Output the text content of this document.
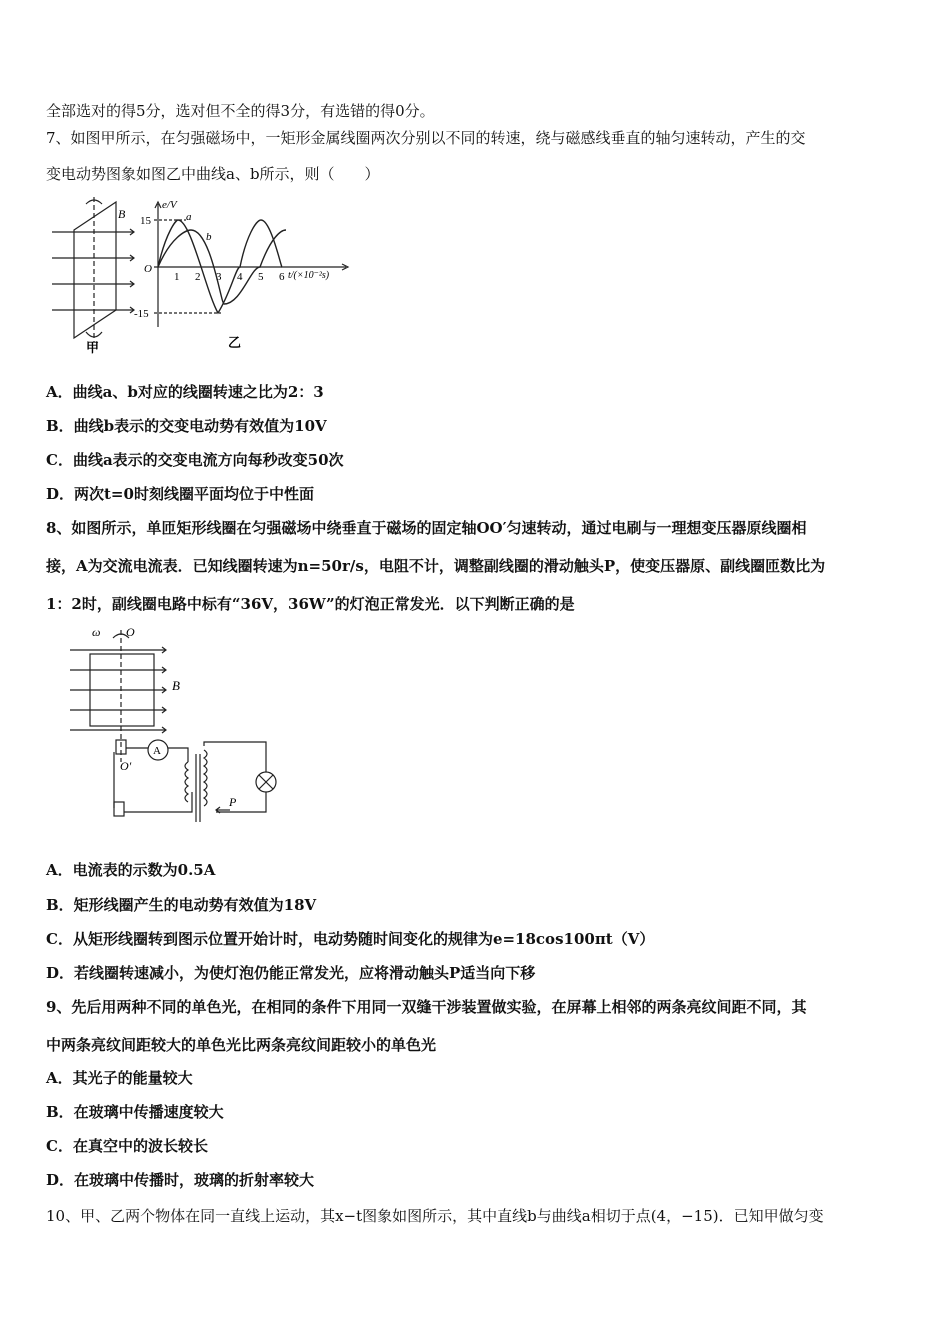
全部选对的得5分，选对但不全的得3分，有选错的得0分。
7、如图甲所示，在匀强磁场中，一矩形金属线圈两次分别以不同的转速，绕与磁感线垂直的轴匀速转动，产生的交
变电动势图象如图乙中曲线a、b所示，则（　　）
B
甲
e/V
15
-15
O
a
b
1 2 3 4 5 6 t/(×10⁻²s)
乙
A．曲线a、b对应的线圈转速之比为2：3
B．曲线b表示的交变电动势有效值为10V
C．曲线a表示的交变电流方向每秒改变50次
D．两次t=0时刻线圈平面均位于中性面
8、如图所示，单匝矩形线圈在匀强磁场中绕垂直于磁场的固定轴OO′匀速转动，通过电刷与一理想变压器原线圈相
接，A为交流电流表．已知线圈转速为n=50r/s，电阻不计，调整副线圈的滑动触头P，使变压器原、副线圈匝数比为
1：2时，副线圈电路中标有“36V，36W”的灯泡正常发光．以下判断正确的是
ω O
B
O′
A
P
A．电流表的示数为0.5A
B．矩形线圈产生的电动势有效值为18V
C．从矩形线圈转到图示位置开始计时，电动势随时间变化的规律为e=18cos100πt（V）
D．若线圈转速减小，为使灯泡仍能正常发光，应将滑动触头P适当向下移
9、先后用两种不同的单色光，在相同的条件下用同一双缝干涉装置做实验，在屏幕上相邻的两条亮纹间距不同，其
中两条亮纹间距较大的单色光比两条亮纹间距较小的单色光
A．其光子的能量较大
B．在玻璃中传播速度较大
C．在真空中的波长较长
D．在玻璃中传播时，玻璃的折射率较大
10、甲、乙两个物体在同一直线上运动，其x−t图象如图所示，其中直线b与曲线a相切于点(4，−15)．已知甲做匀变
